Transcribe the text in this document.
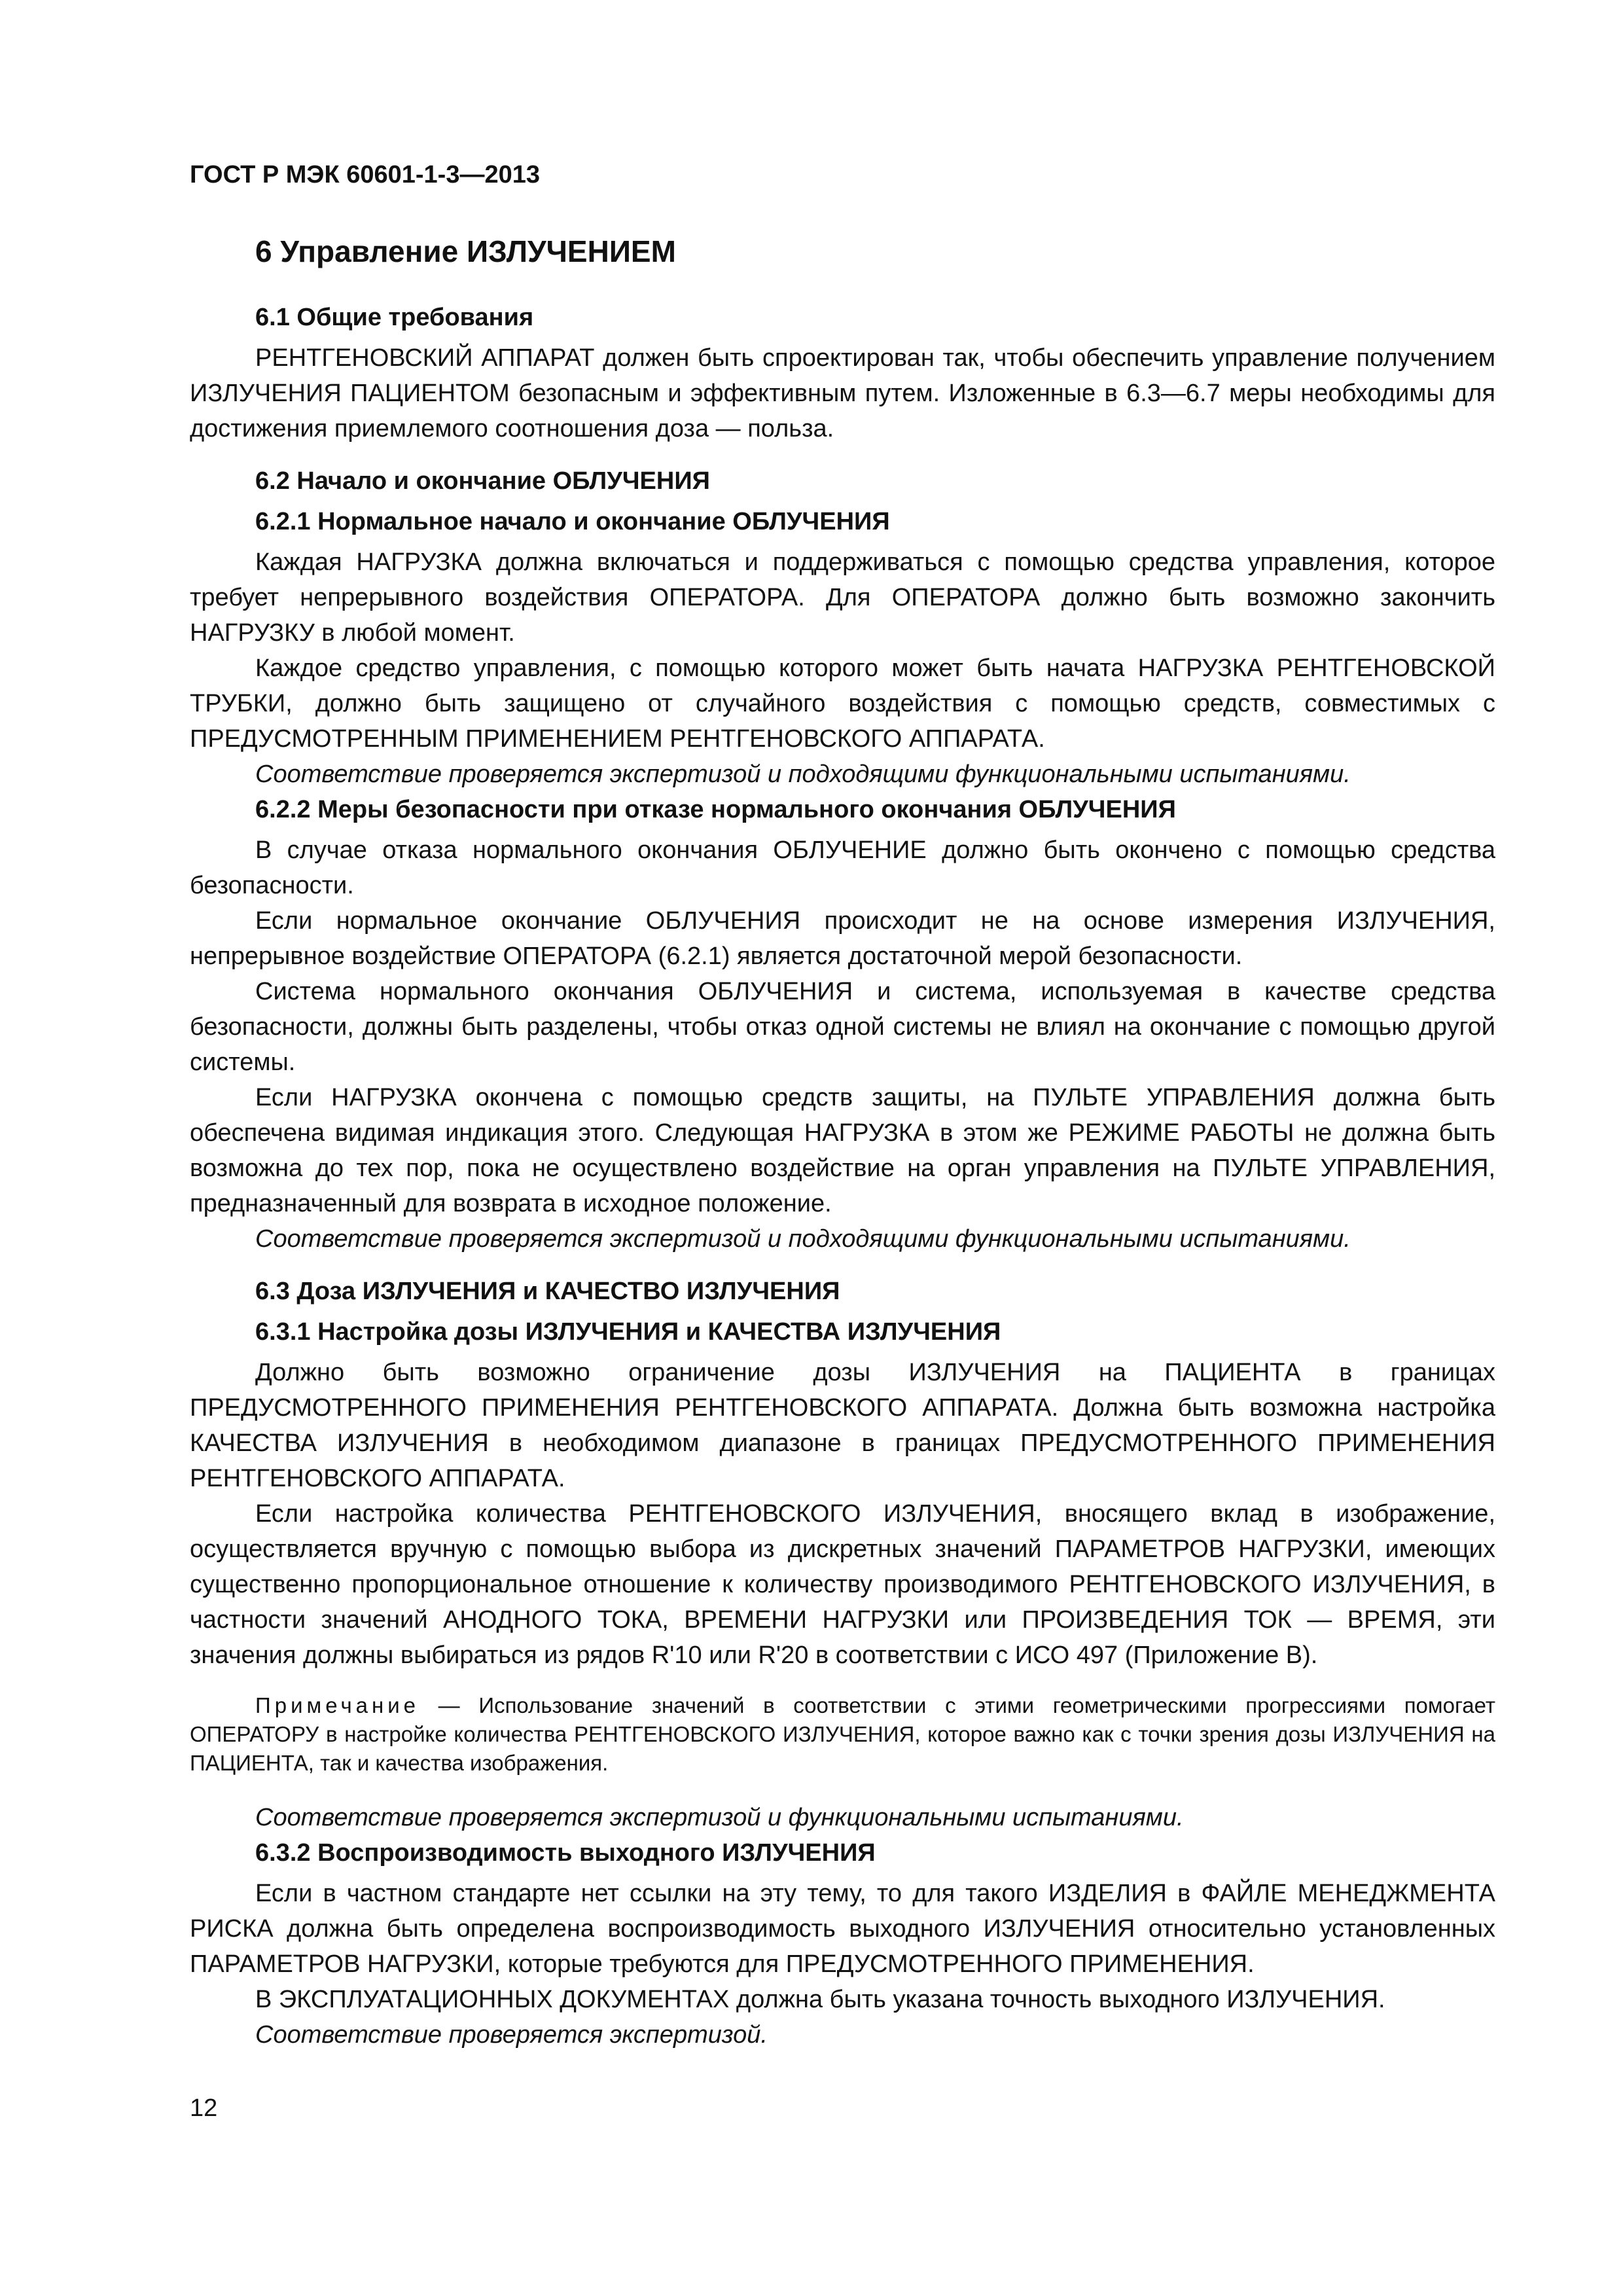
ГОСТ Р МЭК 60601-1-3—2013
6 Управление ИЗЛУЧЕНИЕМ
6.1 Общие требования

РЕНТГЕНОВСКИЙ АППАРАТ должен быть спроектирован так, чтобы обеспечить управление получением ИЗЛУЧЕНИЯ ПАЦИЕНТОМ безопасным и эффективным путем. Изложенные в 6.3—6.7 меры необходимы для достижения приемлемого соотношения доза — польза.

6.2 Начало и окончание ОБЛУЧЕНИЯ
6.2.1 Нормальное начало и окончание ОБЛУЧЕНИЯ

Каждая НАГРУЗКА должна включаться и поддерживаться с помощью средства управления, которое требует непрерывного воздействия ОПЕРАТОРА. Для ОПЕРАТОРА должно быть возможно закончить НАГРУЗКУ в любой момент.

Каждое средство управления, с помощью которого может быть начата НАГРУЗКА РЕНТГЕНОВСКОЙ ТРУБКИ, должно быть защищено от случайного воздействия с помощью средств, совместимых с ПРЕДУСМОТРЕННЫМ ПРИМЕНЕНИЕМ РЕНТГЕНОВСКОГО АППАРАТА.

Соответствие проверяется экспертизой и подходящими функциональными испытаниями.

6.2.2 Меры безопасности при отказе нормального окончания ОБЛУЧЕНИЯ

В случае отказа нормального окончания ОБЛУЧЕНИЕ должно быть окончено с помощью средства безопасности.

Если нормальное окончание ОБЛУЧЕНИЯ происходит не на основе измерения ИЗЛУЧЕНИЯ, непрерывное воздействие ОПЕРАТОРА (6.2.1) является достаточной мерой безопасности.

Система нормального окончания ОБЛУЧЕНИЯ и система, используемая в качестве средства безопасности, должны быть разделены, чтобы отказ одной системы не влиял на окончание с помощью другой системы.

Если НАГРУЗКА окончена с помощью средств защиты, на ПУЛЬТЕ УПРАВЛЕНИЯ должна быть обеспечена видимая индикация этого. Следующая НАГРУЗКА в этом же РЕЖИМЕ РАБОТЫ не должна быть возможна до тех пор, пока не осуществлено воздействие на орган управления на ПУЛЬТЕ УПРАВЛЕНИЯ, предназначенный для возврата в исходное положение.

Соответствие проверяется экспертизой и подходящими функциональными испытаниями.

6.3 Доза ИЗЛУЧЕНИЯ и КАЧЕСТВО ИЗЛУЧЕНИЯ
6.3.1 Настройка дозы ИЗЛУЧЕНИЯ и КАЧЕСТВА ИЗЛУЧЕНИЯ

Должно быть возможно ограничение дозы ИЗЛУЧЕНИЯ на ПАЦИЕНТА в границах ПРЕДУСМОТРЕННОГО ПРИМЕНЕНИЯ РЕНТГЕНОВСКОГО АППАРАТА. Должна быть возможна настройка КАЧЕСТВА ИЗЛУЧЕНИЯ в необходимом диапазоне в границах ПРЕДУСМОТРЕННОГО ПРИМЕНЕНИЯ РЕНТГЕНОВСКОГО АППАРАТА.

Если настройка количества РЕНТГЕНОВСКОГО ИЗЛУЧЕНИЯ, вносящего вклад в изображение, осуществляется вручную с помощью выбора из дискретных значений ПАРАМЕТРОВ НАГРУЗКИ, имеющих существенно пропорциональное отношение к количеству производимого РЕНТГЕНОВСКОГО ИЗЛУЧЕНИЯ, в частности значений АНОДНОГО ТОКА, ВРЕМЕНИ НАГРУЗКИ или ПРОИЗВЕДЕНИЯ ТОК — ВРЕМЯ, эти значения должны выбираться из рядов R'10 или R'20 в соответствии с ИСО 497 (Приложение В).

Примечание — Использование значений в соответствии с этими геометрическими прогрессиями помогает ОПЕРАТОРУ в настройке количества РЕНТГЕНОВСКОГО ИЗЛУЧЕНИЯ, которое важно как с точки зрения дозы ИЗЛУЧЕНИЯ на ПАЦИЕНТА, так и качества изображения.

Соответствие проверяется экспертизой и функциональными испытаниями.

6.3.2 Воспроизводимость выходного ИЗЛУЧЕНИЯ

Если в частном стандарте нет ссылки на эту тему, то для такого ИЗДЕЛИЯ в ФАЙЛЕ МЕНЕДЖМЕНТА РИСКА должна быть определена воспроизводимость выходного ИЗЛУЧЕНИЯ относительно установленных ПАРАМЕТРОВ НАГРУЗКИ, которые требуются для ПРЕДУСМОТРЕННОГО ПРИМЕНЕНИЯ.

В ЭКСПЛУАТАЦИОННЫХ ДОКУМЕНТАХ должна быть указана точность выходного ИЗЛУЧЕНИЯ.

Соответствие проверяется экспертизой.

12
